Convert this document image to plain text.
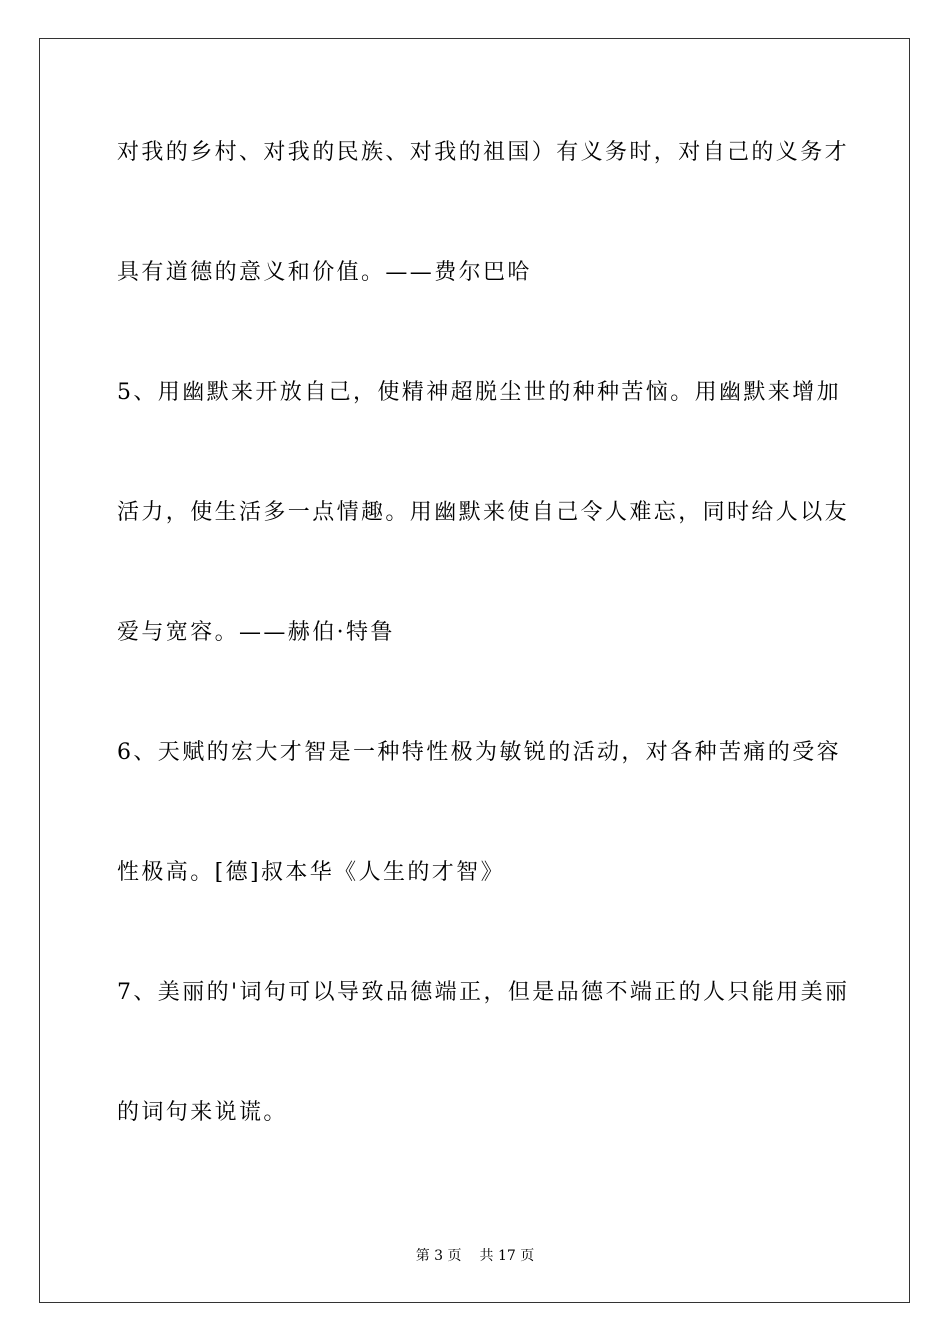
对我的乡村、对我的民族、对我的祖国）有义务时，对自己的义务才
具有道德的意义和价值。——费尔巴哈
5、用幽默来开放自己，使精神超脱尘世的种种苦恼。用幽默来增加
活力，使生活多一点情趣。用幽默来使自己令人难忘，同时给人以友
爱与宽容。——赫伯·特鲁
6、天赋的宏大才智是一种特性极为敏锐的活动，对各种苦痛的受容
性极高。[德]叔本华《人生的才智》
7、美丽的'词句可以导致品德端正，但是品德不端正的人只能用美丽
的词句来说谎。
第 3 页 共 17 页
